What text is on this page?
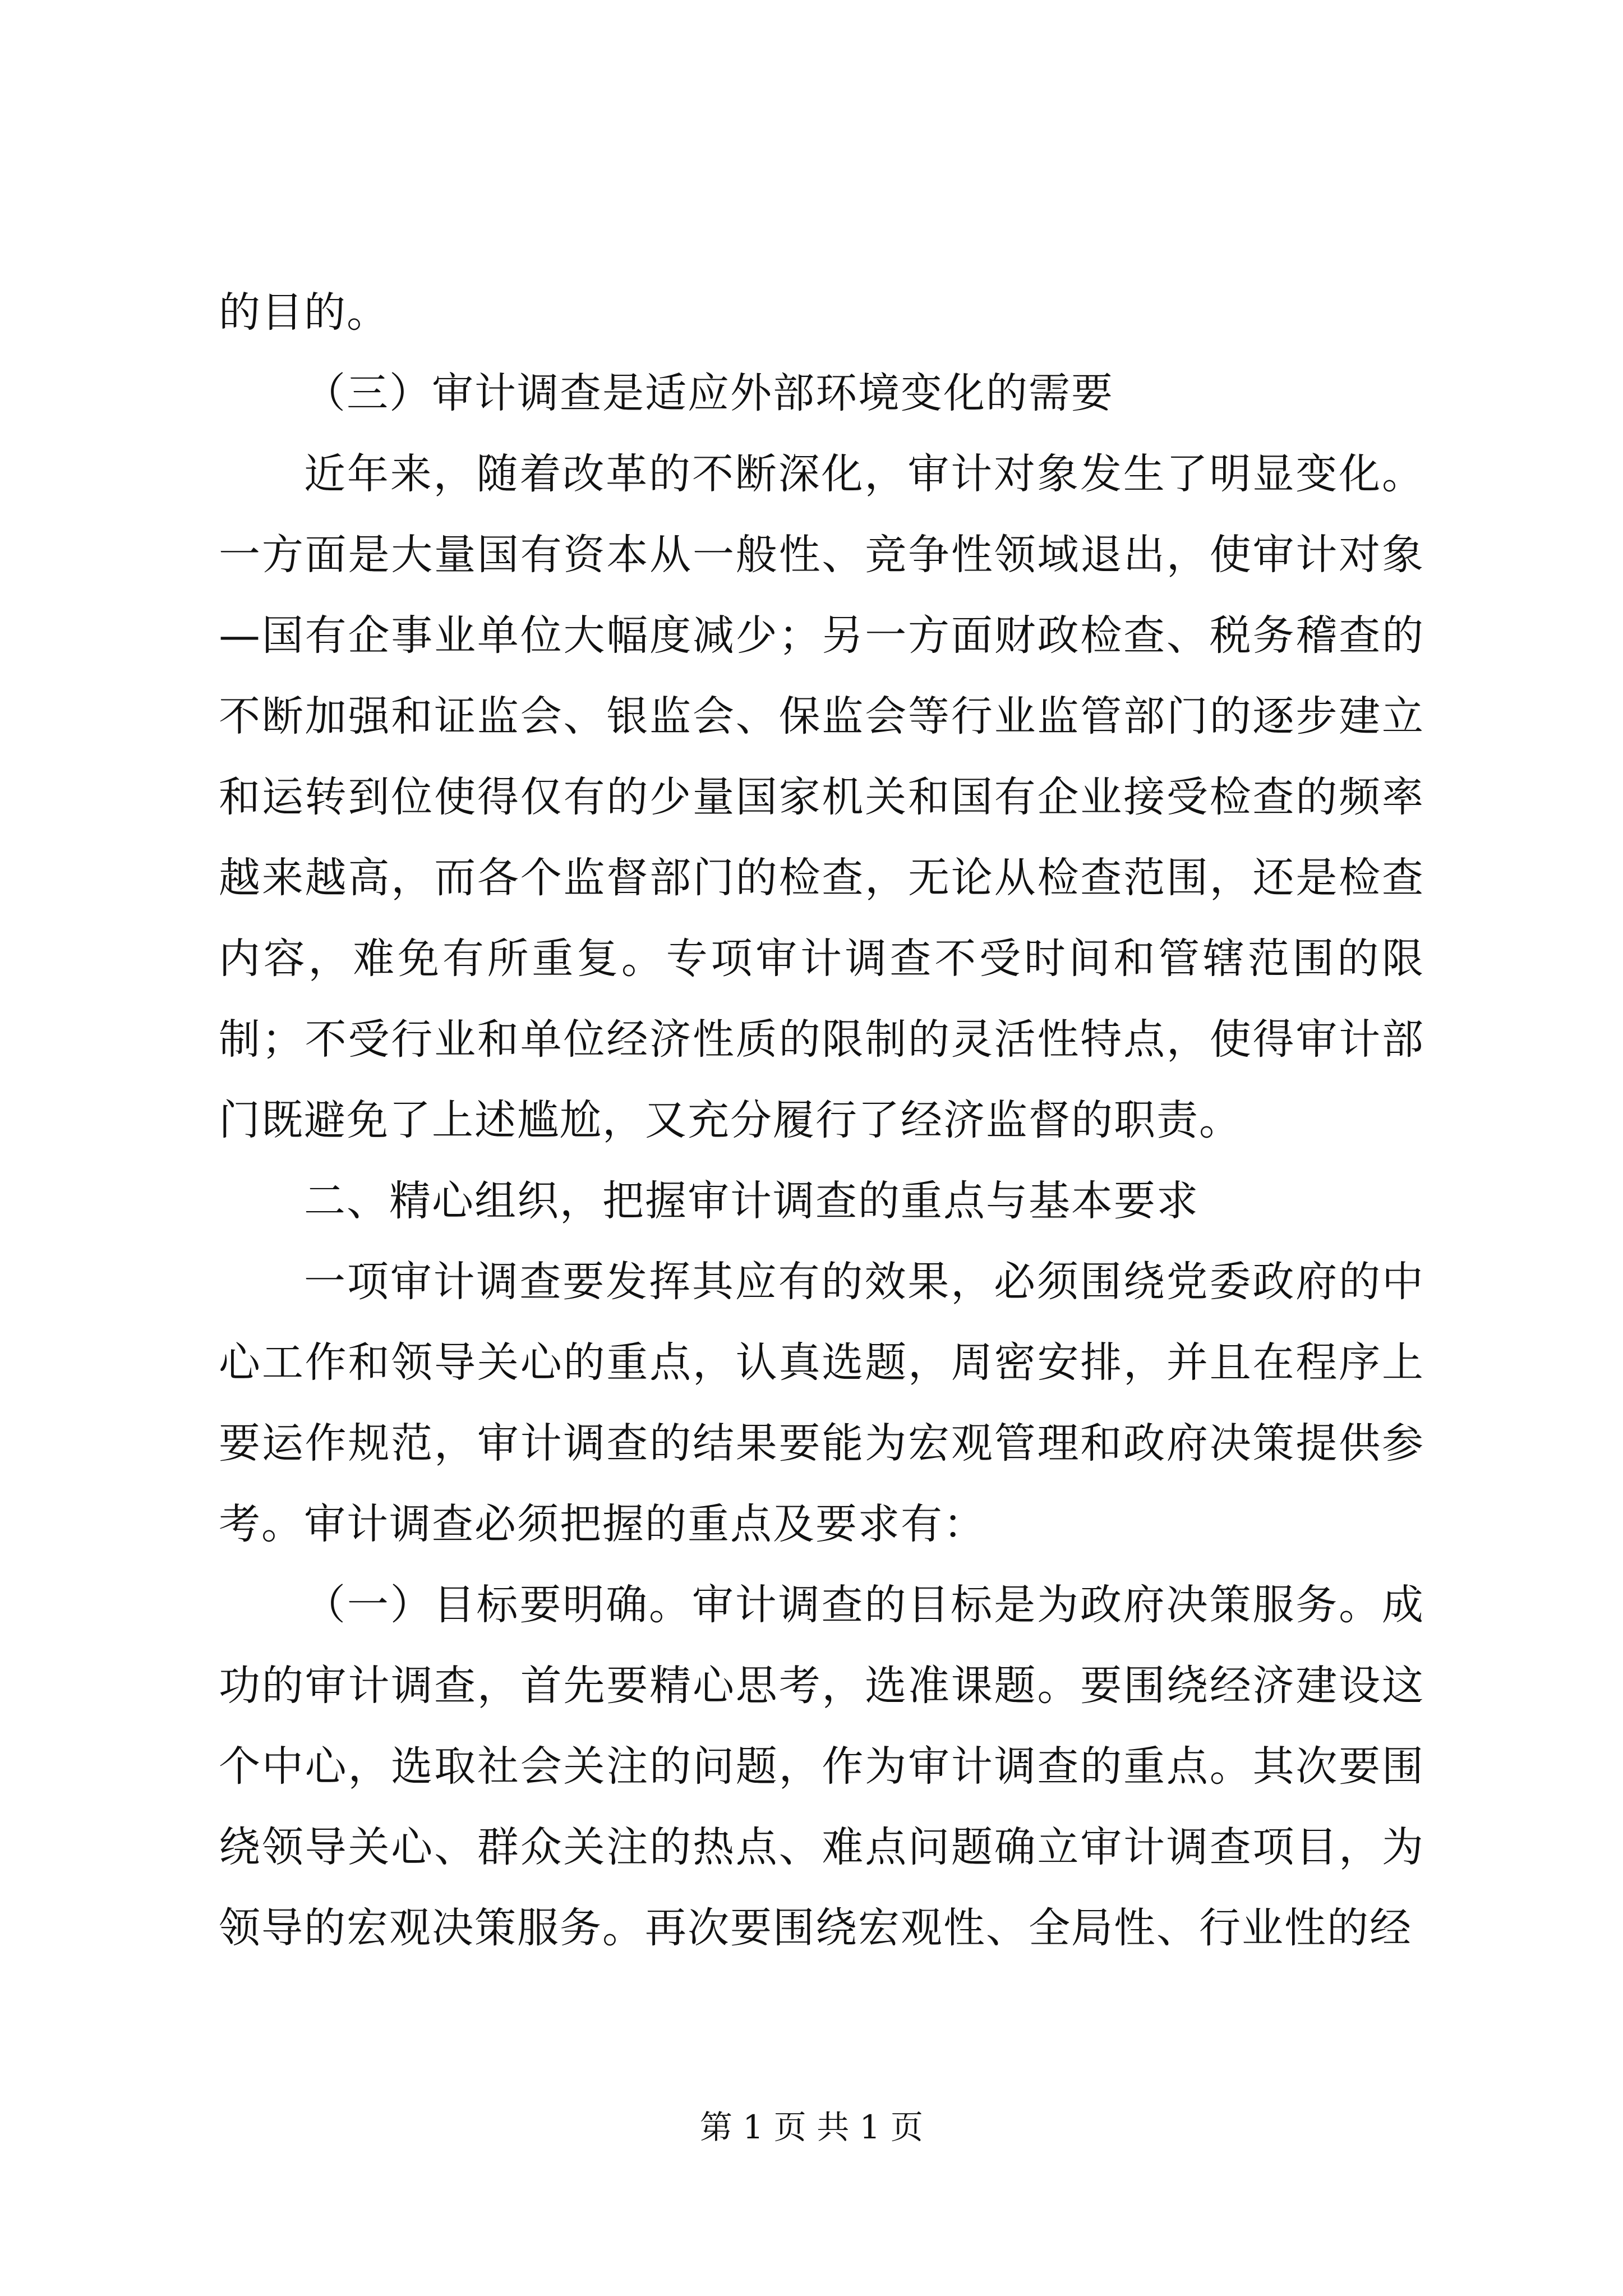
的目的。

（三）审计调查是适应外部环境变化的需要

近年来，随着改革的不断深化，审计对象发生了明显变化。一方面是大量国有资本从一般性、竞争性领域退出，使审计对象—国有企事业单位大幅度减少；另一方面财政检查、税务稽查的不断加强和证监会、银监会、保监会等行业监管部门的逐步建立和运转到位使得仅有的少量国家机关和国有企业接受检查的频率越来越高，而各个监督部门的检查，无论从检查范围，还是检查内容，难免有所重复。专项审计调查不受时间和管辖范围的限制；不受行业和单位经济性质的限制的灵活性特点，使得审计部门既避免了上述尴尬，又充分履行了经济监督的职责。

二、精心组织，把握审计调查的重点与基本要求

一项审计调查要发挥其应有的效果，必须围绕党委政府的中心工作和领导关心的重点，认真选题，周密安排，并且在程序上要运作规范，审计调查的结果要能为宏观管理和政府决策提供参考。审计调查必须把握的重点及要求有：

（一）目标要明确。审计调查的目标是为政府决策服务。成功的审计调查，首先要精心思考，选准课题。要围绕经济建设这个中心，选取社会关注的问题，作为审计调查的重点。其次要围绕领导关心、群众关注的热点、难点问题确立审计调查项目，为领导的宏观决策服务。再次要围绕宏观性、全局性、行业性的经

第 1 页 共 1 页
